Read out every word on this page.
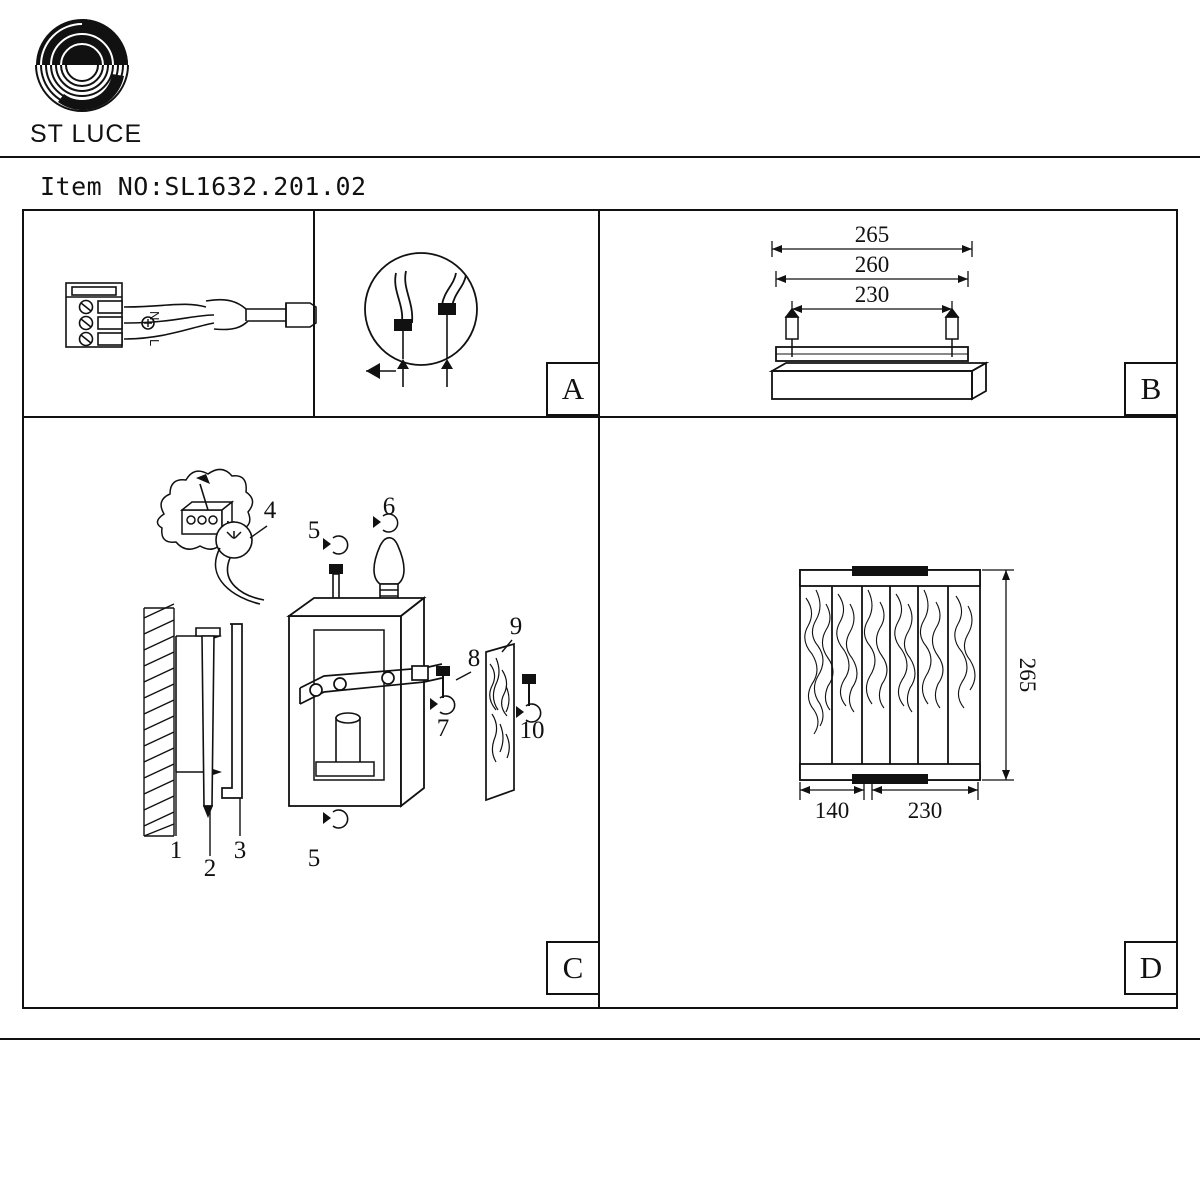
ST LUCE
Item NO:SL1632.201.02
N
L
265
260
230
1
2
3
4
5
5
6
7
8
9
10
265
140	230
A	B
C	D
